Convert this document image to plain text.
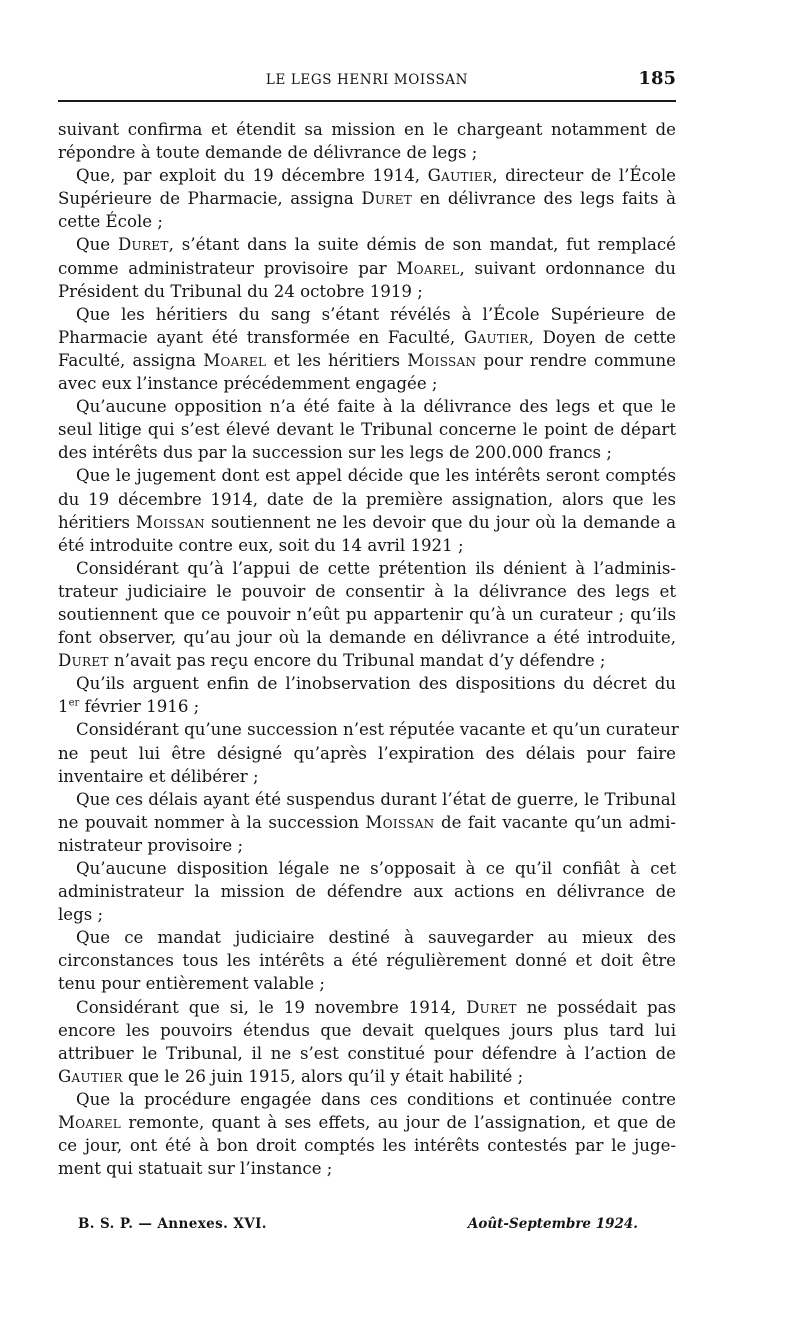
LE LEGS HENRI MOISSAN	185
suivant confirma et étendit sa mission en le chargeant notamment de
répondre à toute demande de délivrance de legs ;
Que, par exploit du 19 décembre 1914, Gautier, directeur de l’École
Supérieure de Pharmacie, assigna Duret en délivrance des legs faits à
cette École ;
Que Duret, s’étant dans la suite démis de son mandat, fut remplacé
comme administrateur provisoire par Moarel, suivant ordonnance du
Président du Tribunal du 24 octobre 1919 ;
Que les héritiers du sang s’étant révélés à l’École Supérieure de
Pharmacie ayant été transformée en Faculté, Gautier, Doyen de cette
Faculté, assigna Moarel et les héritiers Moissan pour rendre commune
avec eux l’instance précédemment engagée ;
Qu’aucune opposition n’a été faite à la délivrance des legs et que le
seul litige qui s’est élevé devant le Tribunal concerne le point de départ
des intérêts dus par la succession sur les legs de 200.000 francs ;
Que le jugement dont est appel décide que les intérêts seront comptés
du 19 décembre 1914, date de la première assignation, alors que les
héritiers Moissan soutiennent ne les devoir que du jour où la demande a
été introduite contre eux, soit du 14 avril 1921 ;
Considérant qu’à l’appui de cette prétention ils dénient à l’adminis-
trateur judiciaire le pouvoir de consentir à la délivrance des legs et
soutiennent que ce pouvoir n’eût pu appartenir qu’à un curateur ; qu’ils
font observer, qu’au jour où la demande en délivrance a été introduite,
Duret n’avait pas reçu encore du Tribunal mandat d’y défendre ;
Qu’ils arguent enfin de l’inobservation des dispositions du décret du
1er février 1916 ;
Considérant qu’une succession n’est réputée vacante et qu’un curateur
ne peut lui être désigné qu’après l’expiration des délais pour faire
inventaire et délibérer ;
Que ces délais ayant été suspendus durant l’état de guerre, le Tribunal
ne pouvait nommer à la succession Moissan de fait vacante qu’un admi-
nistrateur provisoire ;
Qu’aucune disposition légale ne s’opposait à ce qu’il confiât à cet
administrateur la mission de défendre aux actions en délivrance de
legs ;
Que ce mandat judiciaire destiné à sauvegarder au mieux des
circonstances tous les intérêts a été régulièrement donné et doit être
tenu pour entièrement valable ;
Considérant que si, le 19 novembre 1914, Duret ne possédait pas
encore les pouvoirs étendus que devait quelques jours plus tard lui
attribuer le Tribunal, il ne s’est constitué pour défendre à l’action de
Gautier que le 26 juin 1915, alors qu’il y était habilité ;
Que la procédure engagée dans ces conditions et continuée contre
Moarel remonte, quant à ses effets, au jour de l’assignation, et que de
ce jour, ont été à bon droit comptés les intérêts contestés par le juge-
ment qui statuait sur l’instance ;
B. S. P. — Annexes. XVI.	Août-Septembre 1924.
